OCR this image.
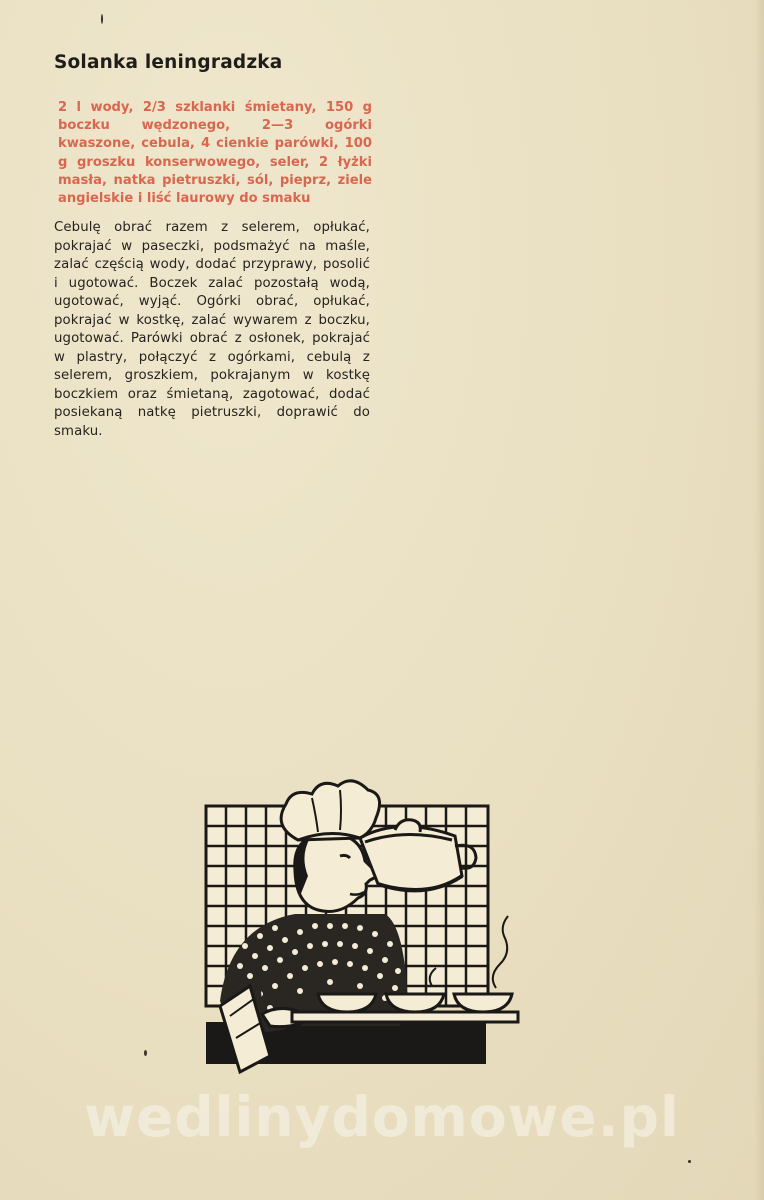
Solanka leningradzka

2 l wody, 2/3 szklanki śmietany, 150 g boczku wędzonego, 2—3 ogórki kwaszone, cebula, 4 cienkie parówki, 100 g groszku konserwowego, seler, 2 łyżki masła, natka pietruszki, sól, pieprz, ziele angielskie i liść laurowy do smaku

Cebulę obrać razem z selerem, opłukać, pokrajać w paseczki, podsmażyć na maśle, zalać częścią wody, dodać przyprawy, posolić i ugotować. Boczek zalać pozostałą wodą, ugotować, wyjąć. Ogórki obrać, opłukać, pokrajać w kostkę, zalać wywarem z boczku, ugotować. Parówki obrać z osłonek, pokrajać w plastry, połączyć z ogórkami, cebulą z selerem, groszkiem, pokrajanym w kostkę boczkiem oraz śmietaną, zagotować, dodać posiekaną natkę pietruszki, doprawić do smaku.

wedlinydomowe.pl
